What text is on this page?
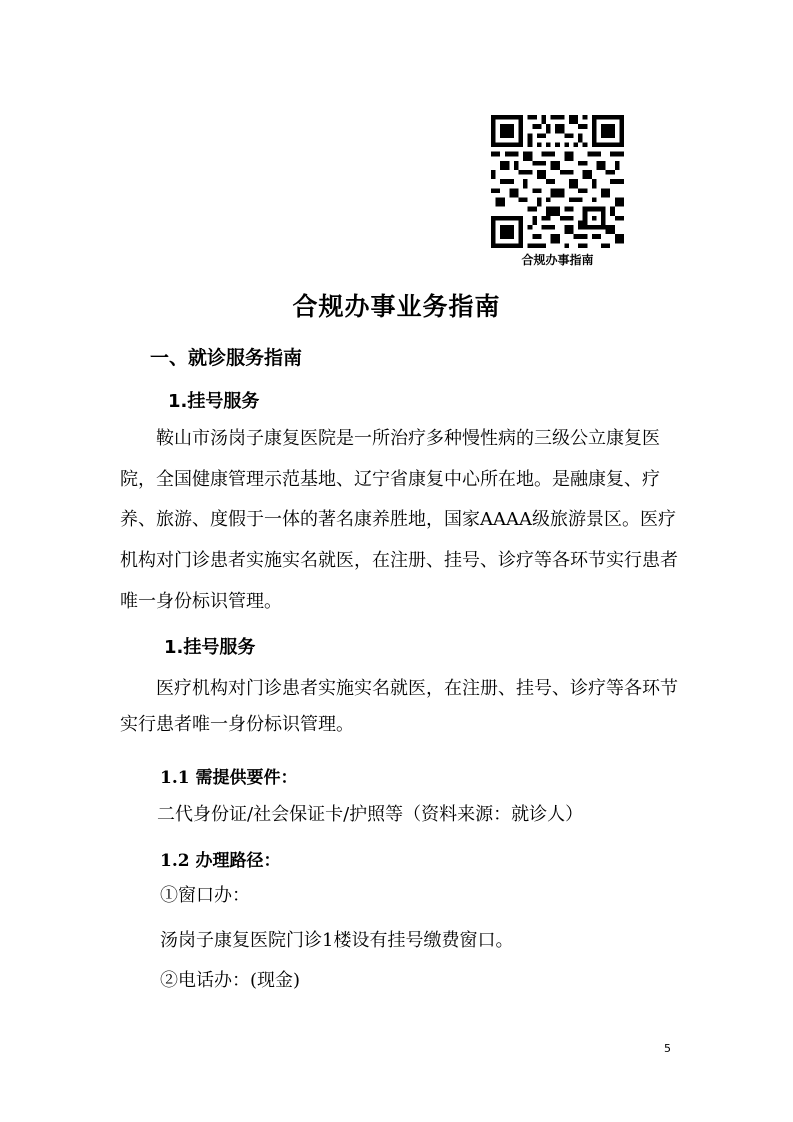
合规办事指南
合规办事业务指南
一、就诊服务指南
1.挂号服务

鞍山市汤岗子康复医院是一所治疗多种慢性病的三级公立康复医院，全国健康管理示范基地、辽宁省康复中心所在地。是融康复、疗养、旅游、度假于一体的著名康养胜地，国家AAAA级旅游景区。医疗机构对门诊患者实施实名就医，在注册、挂号、诊疗等各环节实行患者唯一身份标识管理。

1.挂号服务

医疗机构对门诊患者实施实名就医，在注册、挂号、诊疗等各环节实行患者唯一身份标识管理。

1.1 需提供要件：
二代身份证/社会保证卡/护照等（资料来源：就诊人）
1.2 办理路径：
①窗口办：
汤岗子康复医院门诊1楼设有挂号缴费窗口。
②电话办：(现金)
5
